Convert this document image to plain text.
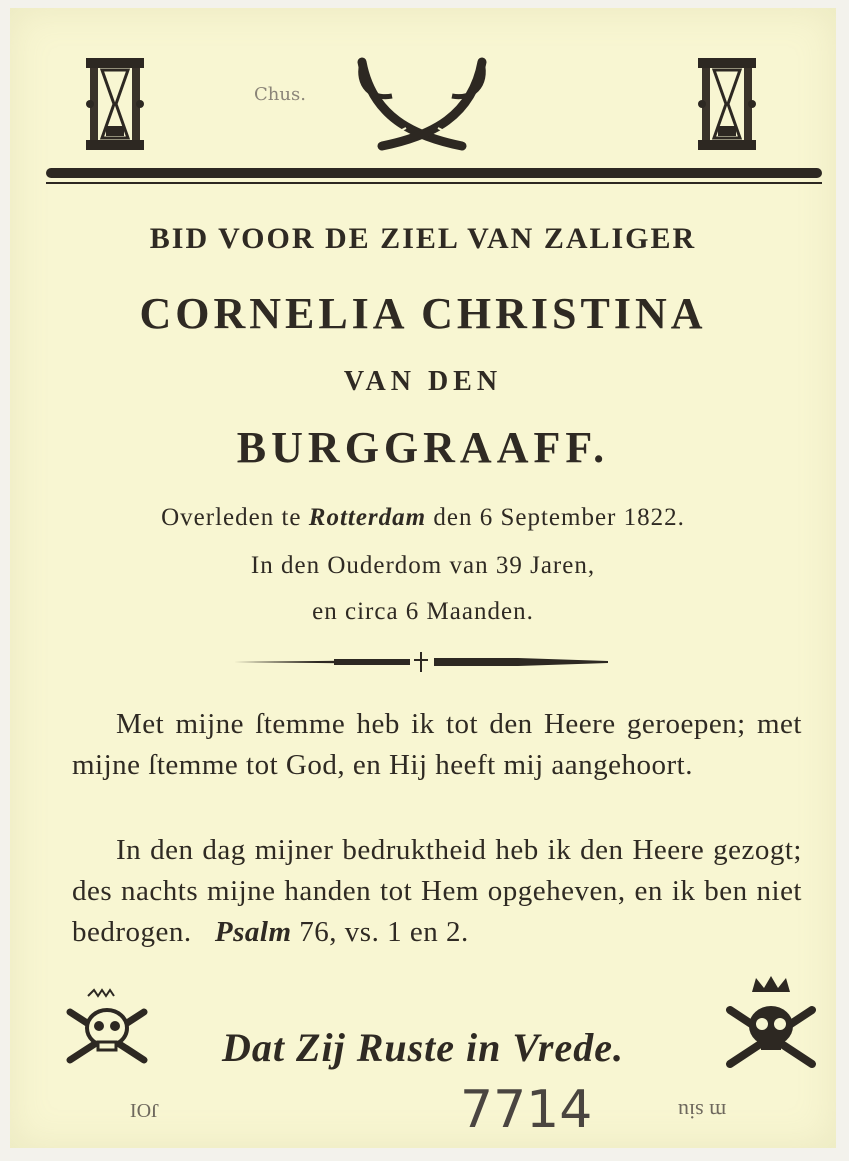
Chus.
BID VOOR DE ZIEL VAN ZALIGER
CORNELIA CHRISTINA
VAN DEN
BURGGRAAFF.
Overleden te Rotterdam den 6 September 1822.
In den Ouderdom van 39 Jaren,
en circa 6 Maanden.
Met mijne ſtemme heb ik tot den Heere geroepen; met mijne ſtemme tot God, en Hij heeft mij aangehoort.
In den dag mijner bedruktheid heb ik den Heere gezogt; des nachts mijne handen tot Hem opgeheven, en ik ben niet bedrogen. Psalm 76, vs. 1 en 2.
Dat Zij Ruste in Vrede.
JOI	7714	m siu
